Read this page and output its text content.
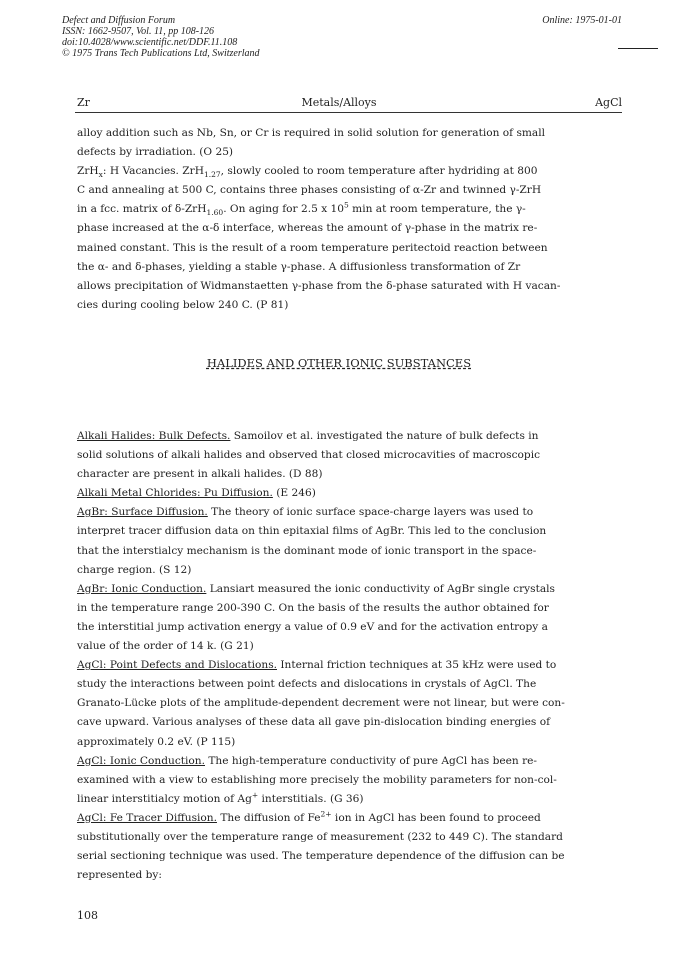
Defect and Diffusion Forum
ISSN: 1662-9507, Vol. 11, pp 108-126
doi:10.4028/www.scientific.net/DDF.11.108
© 1975 Trans Tech Publications Ltd, Switzerland
Online: 1975-01-01
Zr	Metals/Alloys	AgCl
alloy addition such as Nb, Sn, or Cr is required in solid solution for generation of small
defects by irradiation. (O 25)
ZrH$_x$: H Vacancies. ZrH$_{1.27}$, slowly cooled to room temperature after hydriding at 800
C and annealing at 500 C, contains three phases consisting of α-Zr and twinned γ-ZrH
in a fcc. matrix of δ-ZrH$_{1.60}$. On aging for 2.5 x $10^5$ min at room temperature, the γ-
phase increased at the α-δ interface, whereas the amount of γ-phase in the matrix re-
mained constant. This is the result of a room temperature peritectoid reaction between
the α- and δ-phases, yielding a stable γ-phase. A diffusionless transformation of Zr
allows precipitation of Widmanstaetten γ-phase from the δ-phase saturated with H vacan-
cies during cooling below 240 C. (P 81)
HALIDES AND OTHER IONIC SUBSTANCES
Alkali Halides: Bulk Defects. Samoilov et al. investigated the nature of bulk defects in
solid solutions of alkali halides and observed that closed microcavities of macroscopic
character are present in alkali halides. (D 88)
Alkali Metal Chlorides: Pu Diffusion. (E 246)
AgBr: Surface Diffusion. The theory of ionic surface space-charge layers was used to
interpret tracer diffusion data on thin epitaxial films of AgBr. This led to the conclusion
that the interstialcy mechanism is the dominant mode of ionic transport in the space-
charge region. (S 12)
AgBr: Ionic Conduction. Lansiart measured the ionic conductivity of AgBr single crystals
in the temperature range 200-390 C. On the basis of the results the author obtained for
the interstitial jump activation energy a value of 0.9 eV and for the activation entropy a
value of the order of 14 k. (G 21)
AgCl: Point Defects and Dislocations. Internal friction techniques at 35 kHz were used to
study the interactions between point defects and dislocations in crystals of AgCl. The
Granato-Lücke plots of the amplitude-dependent decrement were not linear, but were con-
cave upward. Various analyses of these data all gave pin-dislocation binding energies of
approximately 0.2 eV. (P 115)
AgCl: Ionic Conduction. The high-temperature conductivity of pure AgCl has been re-
examined with a view to establishing more precisely the mobility parameters for non-col-
linear interstitialcy motion of Ag+ interstitials. (G 36)
AgCl: Fe Tracer Diffusion. The diffusion of $Fe^{2+}$ ion in AgCl has been found to proceed
substitutionally over the temperature range of measurement (232 to 449 C). The standard
serial sectioning technique was used. The temperature dependence of the diffusion can be
represented by:
108
